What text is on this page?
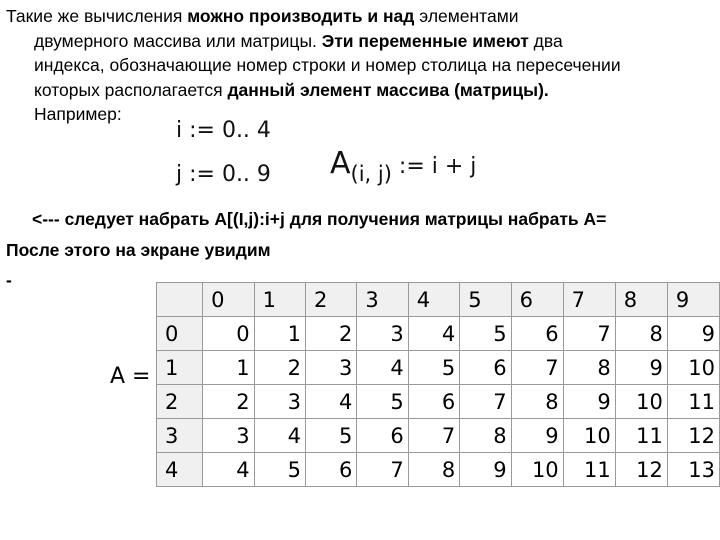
Такие же вычисления можно производить и над элементами
двумерного массива или матрицы. Эти переменные имеют два
индекса, обозначающие номер строки и номер столица на пересечении
которых располагается данный элемент массива (матрицы).
Например:
i := 0.. 4
j := 0.. 9 A(i, j) := i + j
<--- следует набрать A[(I,j):i+j для получения матрицы набрать A=
После этого на экране увидим
-
A =
	0	1	2	3	4	5	6	7	8	9
0	0	1	2	3	4	5	6	7	8	9
1	1	2	3	4	5	6	7	8	9	10
2	2	3	4	5	6	7	8	9	10	11
3	3	4	5	6	7	8	9	10	11	12
4	4	5	6	7	8	9	10	11	12	13
